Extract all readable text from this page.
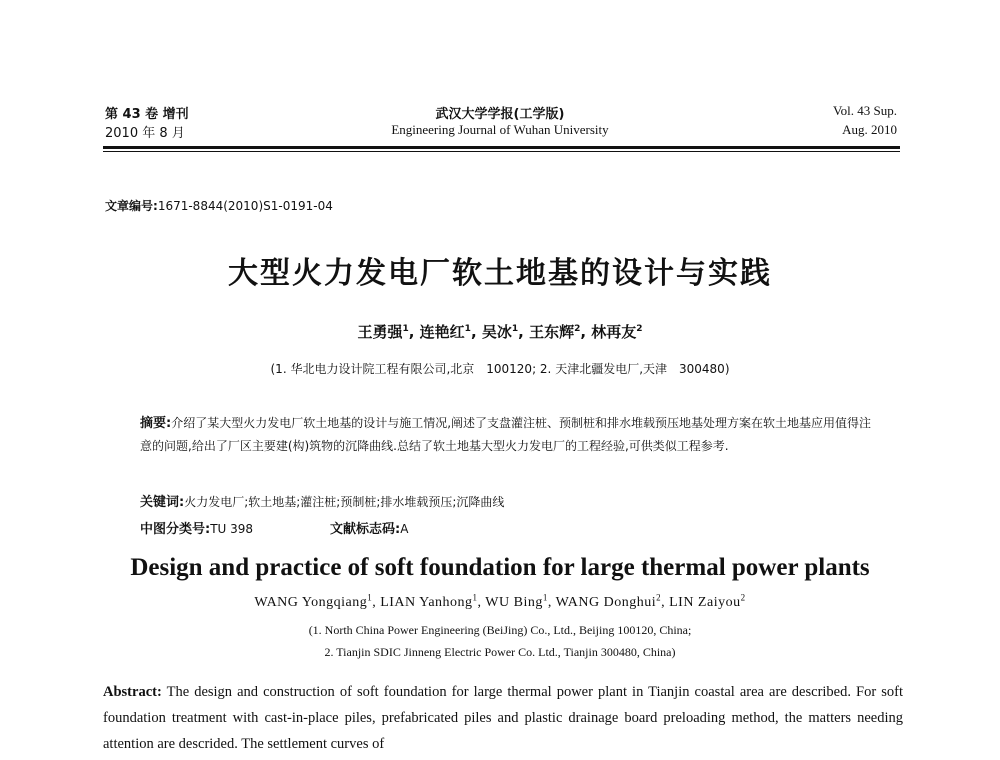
第 43 卷 增刊
2010 年 8 月
武汉大学学报(工学版)
Engineering Journal of Wuhan University
Vol. 43 Sup.
Aug. 2010
文章编号:1671-8844(2010)S1-0191-04
大型火力发电厂软土地基的设计与实践
王勇强$^1$, 连艳红$^1$, 吴冰$^1$, 王东辉$^2$, 林再友$^2$
(1. 华北电力设计院工程有限公司,北京　100120; 2. 天津北疆发电厂,天津　300480)
摘要:介绍了某大型火力发电厂软土地基的设计与施工情况,阐述了支盘灌注桩、预制桩和排水堆载预压地基处理方案在软土地基应用值得注意的问题,给出了厂区主要建(构)筑物的沉降曲线.总结了软土地基大型火力发电厂的工程经验,可供类似工程参考.
关键词:火力发电厂;软土地基;灌注桩;预制桩;排水堆载预压;沉降曲线
中图分类号:TU 398	文献标志码:A
Design and practice of soft foundation for large thermal power plants
WANG Yongqiang$^1$, LIAN Yanhong$^1$, WU Bing$^1$, WANG Donghui$^2$, LIN Zaiyou$^2$
(1. North China Power Engineering (BeiJing) Co., Ltd., Beijing 100120, China;
2. Tianjin SDIC Jinneng Electric Power Co. Ltd., Tianjin 300480, China)
Abstract: The design and construction of soft foundation for large thermal power plant in Tianjin coastal area are described. For soft foundation treatment with cast-in-place piles, prefabricated piles and plastic drainage board preloading method, the matters needing attention are descrided. The settlement curves of
